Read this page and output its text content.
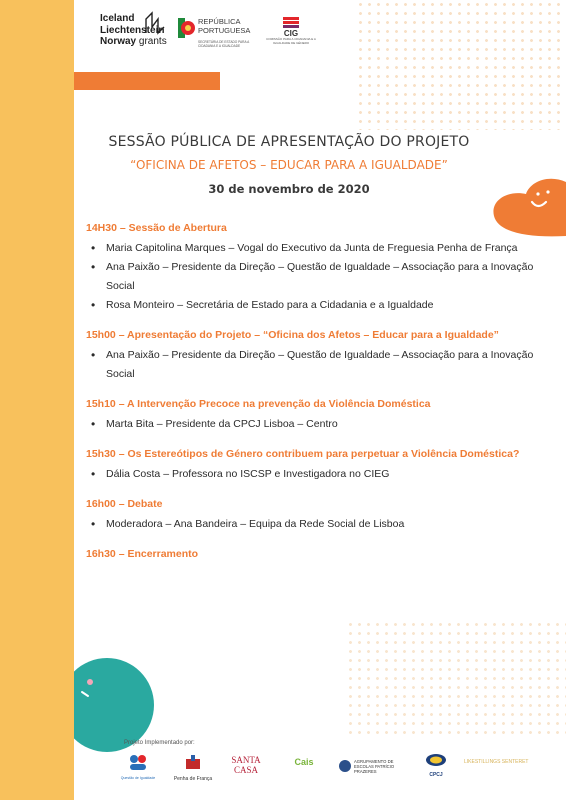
Iceland
Liechtenstein
Norway grants
REPÚBLICA
PORTUGUESA
SECRETÁRIA DE ESTADO PARA A CIDADANIA E A IGUALDADE
CIG
COMISSÃO PARA A CIDADANIA E A IGUALDADE DE GÉNERO
SESSÃO PÚBLICA DE APRESENTAÇÃO DO PROJETO
“OFICINA DE AFETOS – EDUCAR PARA A IGUALDADE”
30 de novembro de 2020
14H30 – Sessão de Abertura
• Maria Capitolina Marques – Vogal do Executivo da Junta de Freguesia Penha de França
• Ana Paixão – Presidente da Direção – Questão de Igualdade – Associação para a Inovação Social
• Rosa Monteiro – Secretária de Estado para a Cidadania e a Igualdade
15h00 – Apresentação do Projeto – “Oficina dos Afetos – Educar para a Igualdade”
• Ana Paixão – Presidente da Direção – Questão de Igualdade – Associação para a Inovação Social
15h10 – A Intervenção Precoce na prevenção da Violência Doméstica
• Marta Bita – Presidente da CPCJ Lisboa – Centro
15h30 – Os Estereótipos de Género contribuem para perpetuar a Violência Doméstica?
• Dália Costa – Professora no ISCSP e Investigadora no CIEG
16h00 – Debate
• Moderadora – Ana Bandeira – Equipa da Rede Social de Lisboa
16h30 – Encerramento
Projeto Implementado por:
Questão de Igualdade	Penha de França
SANTA CASA
Cais	AGRUPAMENTO DE ESCOLAS PATRÍCIO PRAZERES
CPCJ
LIKESTILLINGS SENTERET
